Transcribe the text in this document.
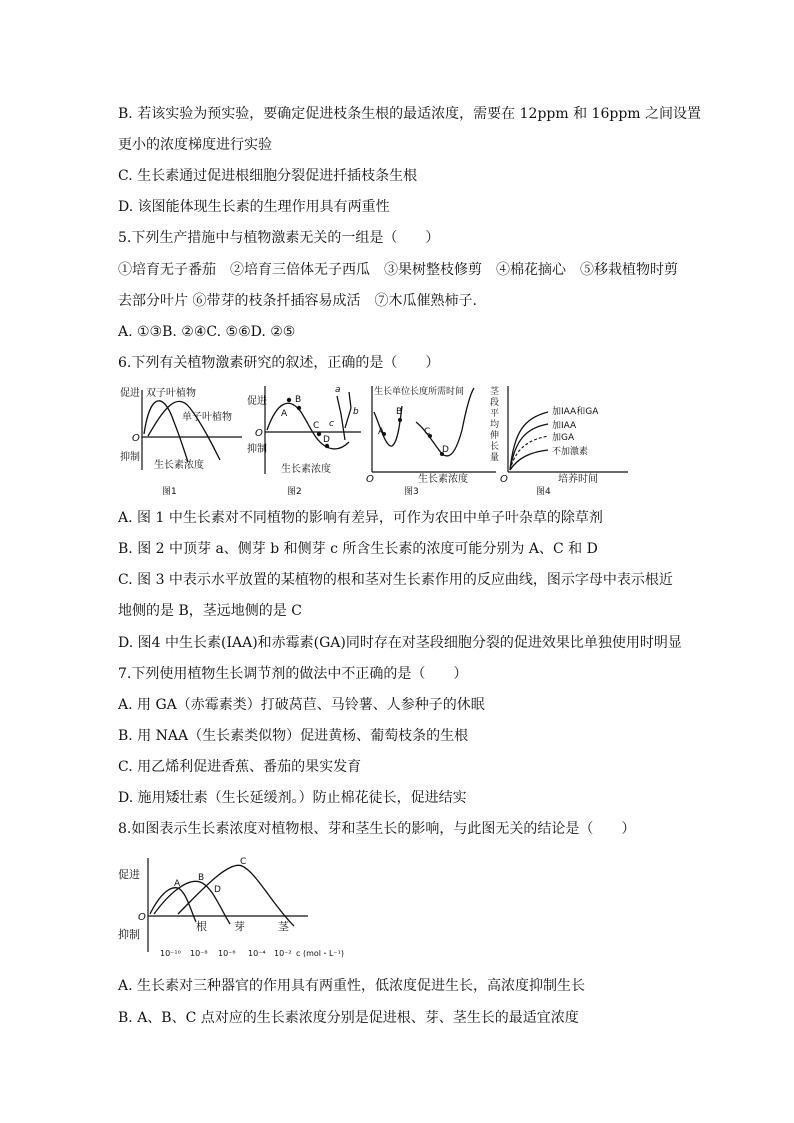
B. 若该实验为预实验，要确定促进枝条生根的最适浓度，需要在 12ppm 和 16ppm 之间设置
更小的浓度梯度进行实验
C. 生长素通过促进根细胞分裂促进扦插枝条生根
D. 该图能体现生长素的生理作用具有两重性
5.下列生产措施中与植物激素无关的一组是（　　）
①培育无子番茄　②培育三倍体无子西瓜　③果树整枝修剪　④棉花摘心　⑤移栽植物时剪
去部分叶片 ⑥带芽的枝条扦插容易成活　⑦木瓜催熟柿子.
A. ①③B. ②④C. ⑤⑥D. ②⑤
6.下列有关植物激素研究的叙述，正确的是（　　）
促进 双子叶植物
单子叶植物
O
抑制
生长素浓度
图1
A
B
C
D
a
b
c
促进
O
抑制
生长素浓度
图2
A
B
C
D
生长单位长度所需时间
O	生长素浓度
图3
茎
段
平
均
伸
长
量
加IAA和GA
加IAA
加GA
不加激素
O	培养时间
图4
A. 图 1 中生长素对不同植物的影响有差异，可作为农田中单子叶杂草的除草剂
B. 图 2 中顶芽 a、侧芽 b 和侧芽 c 所含生长素的浓度可能分别为 A、C 和 D
C. 图 3 中表示水平放置的某植物的根和茎对生长素作用的反应曲线，图示字母中表示根近
地侧的是 B，茎远地侧的是 C
D. 图4 中生长素(IAA)和赤霉素(GA)同时存在对茎段细胞分裂的促进效果比单独使用时明显
7.下列使用植物生长调节剂的做法中不正确的是（　　）
A. 用 GA（赤霉素类）打破莴苣、马铃薯、人参种子的休眠
B. 用 NAA（生长素类似物）促进黄杨、葡萄枝条的生根
C. 用乙烯利促进香蕉、番茄的果实发育
D. 施用矮壮素（生长延缓剂。）防止棉花徒长，促进结实
8.如图表示生长素浓度对植物根、芽和茎生长的影响，与此图无关的结论是（　　）
A
B
D
C
促进
O
抑制
根 芽	茎
10⁻¹⁰ 10⁻⁸ 10⁻⁶ 10⁻⁴ 10⁻² c (mol・L⁻¹)
A. 生长素对三种器官的作用具有两重性，低浓度促进生长，高浓度抑制生长
B. A、B、C 点对应的生长素浓度分别是促进根、芽、茎生长的最适宜浓度
